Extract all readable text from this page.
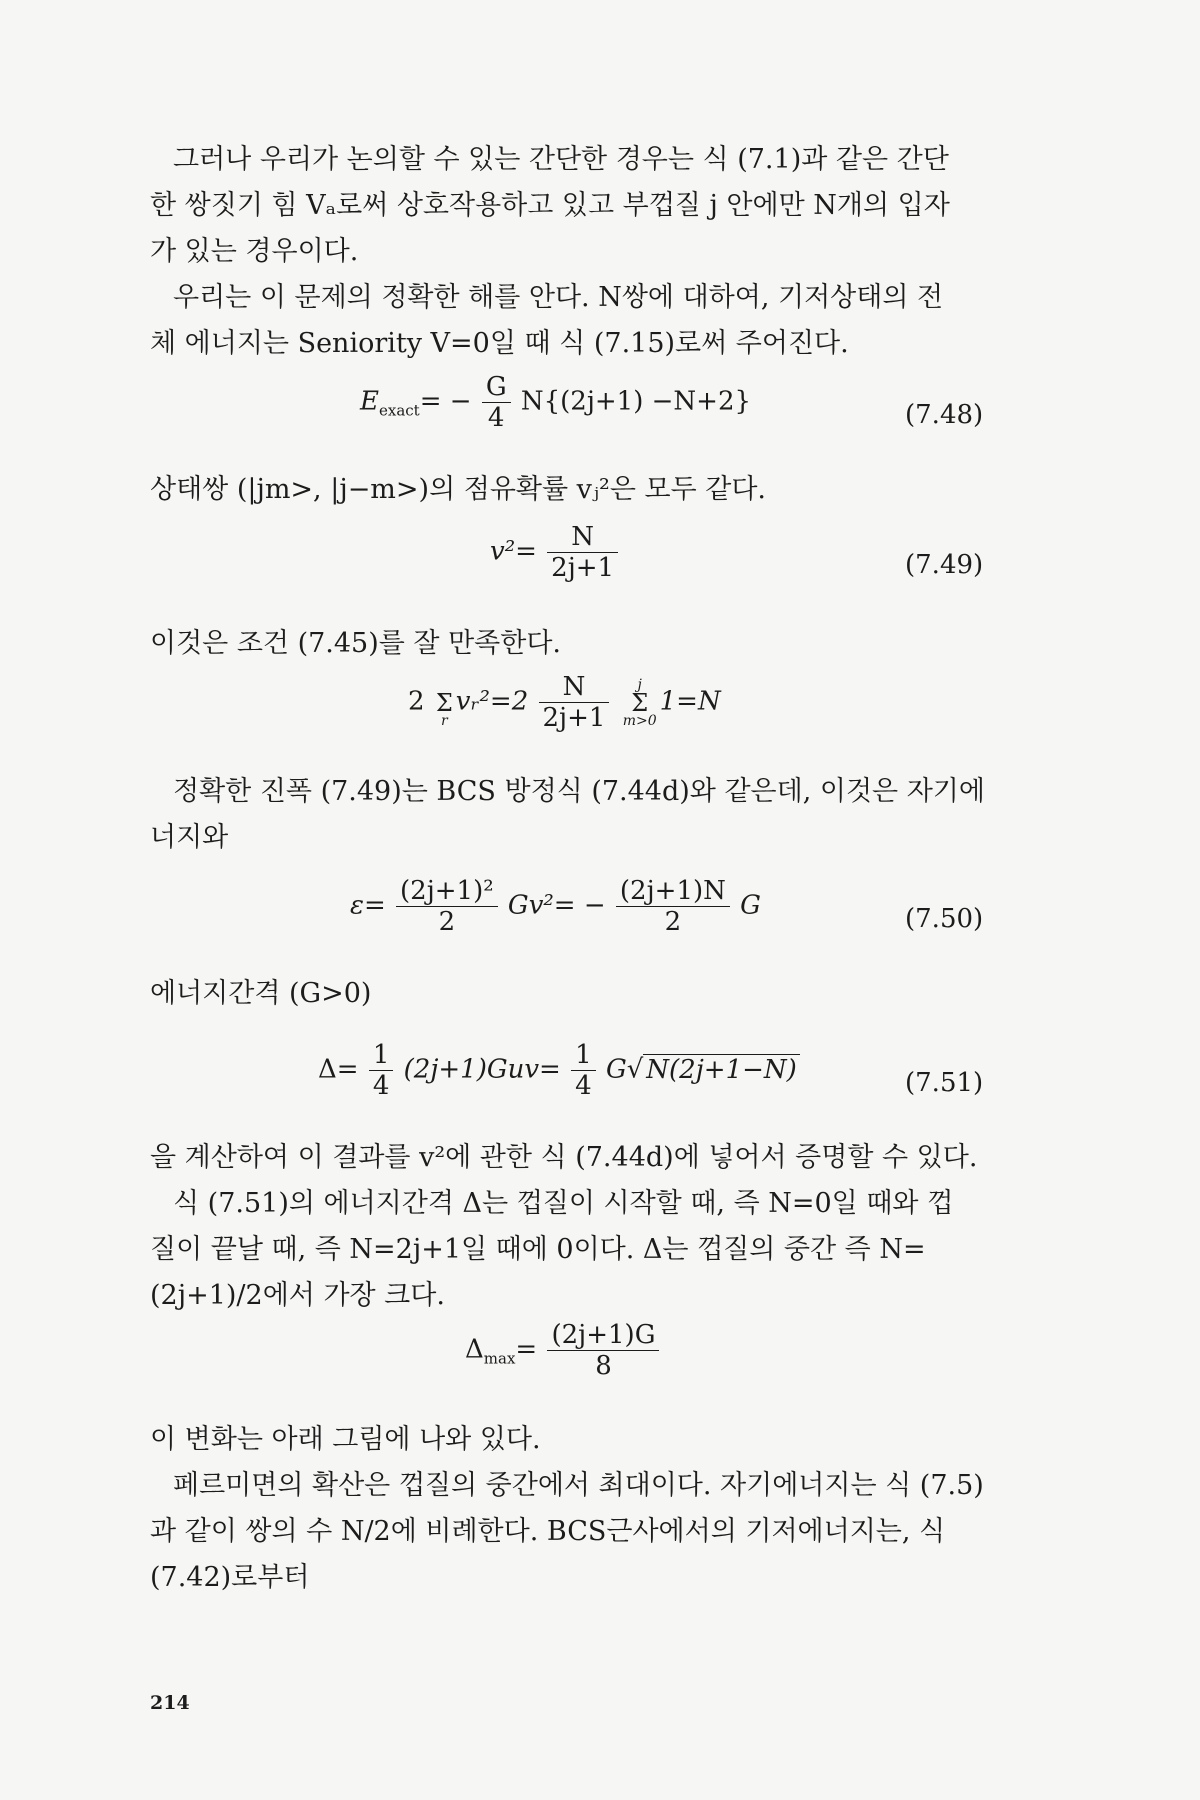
그러나 우리가 논의할 수 있는 간단한 경우는 식 (7.1)과 같은 간단
한 쌍짓기 힘 Vₐ로써 상호작용하고 있고 부껍질 j 안에만 N개의 입자
가 있는 경우이다.
우리는 이 문제의 정확한 해를 안다. N쌍에 대하여, 기저상태의 전
체 에너지는 Seniority V=0일 때 식 (7.15)로써 주어진다.
$E_{exact}= - \frac{G}{4} N\{(2j+1) -N+2\}$	(7.48)
상태쌍 (|jm>, |j−m>)의 점유확률 vⱼ²은 모두 같다.
$v^2= \frac{N}{2j+1}$	(7.49)
이것은 조건 (7.45)를 잘 만족한다.
2
Σ
r
vᵣ²=2 $\frac{N}{2j+1}$
	j
Σ
m>0
1=N
정확한 진폭 (7.49)는 BCS 방정식 (7.44d)와 같은데, 이것은 자기에
너지와
$\varepsilon= \frac{\text{(2j+1)²}}{2} Gv^2= - \frac{(2j+1)N}{2}$ G	(7.50)
에너지간격 (G>0)
$\Delta= \frac{1}{4} (2j+1)Guv= \frac{1}{4} G√$ N(2j+1−N)	(7.51)
을 계산하여 이 결과를 v²에 관한 식 (7.44d)에 넣어서 증명할 수 있다.
식 (7.51)의 에너지간격 Δ는 껍질이 시작할 때, 즉 N=0일 때와 껍
질이 끝날 때, 즉 N=2j+1일 때에 0이다. Δ는 껍질의 중간 즉 N=
(2j+1)/2에서 가장 크다.
$\Delta_{max}= \frac{(2j+1)G}{8}$
이 변화는 아래 그림에 나와 있다.
페르미면의 확산은 껍질의 중간에서 최대이다. 자기에너지는 식 (7.5)
과 같이 쌍의 수 N/2에 비례한다. BCS근사에서의 기저에너지는, 식
(7.42)로부터
214
